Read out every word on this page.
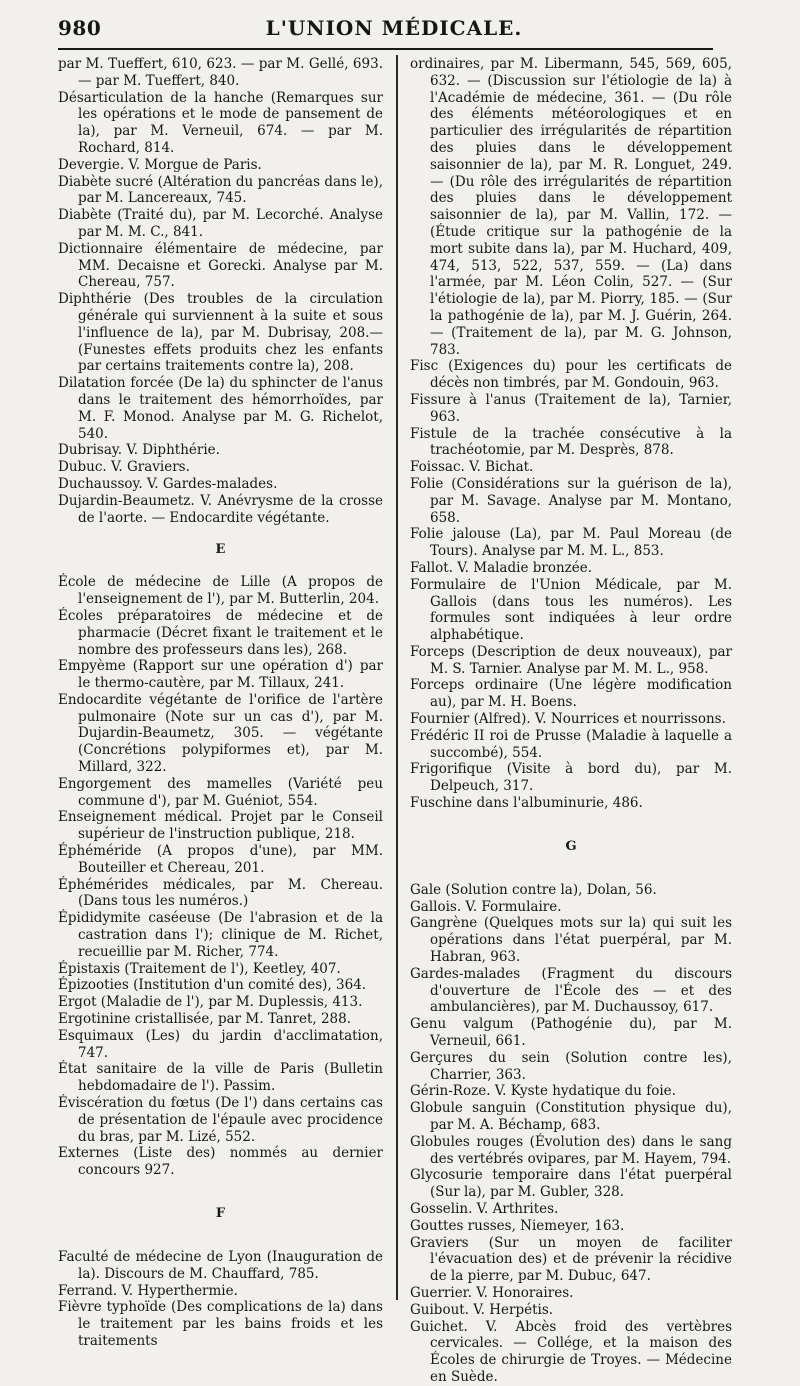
980	L'UNION MÉDICALE.
par M. Tueffert, 610, 623. — par M. Gellé, 693. — par M. Tueffert, 840.
Désarticulation de la hanche (Remarques sur les opérations et le mode de pansement de la), par M. Verneuil, 674. — par M. Rochard, 814.
Devergie. V. Morgue de Paris.
Diabète sucré (Altération du pancréas dans le), par M. Lancereaux, 745.
Diabète (Traité du), par M. Lecorché. Analyse par M. M. C., 841.
Dictionnaire élémentaire de médecine, par MM. Decaisne et Gorecki. Analyse par M. Chereau, 757.
Diphthérie (Des troubles de la circulation générale qui surviennent à la suite et sous l'influence de la), par M. Dubrisay, 208.— (Funestes effets produits chez les enfants par certains traitements contre la), 208.
Dilatation forcée (De la) du sphincter de l'anus dans le traitement des hémorrhoïdes, par M. F. Monod. Analyse par M. G. Richelot, 540.
Dubrisay. V. Diphthérie.
Dubuc. V. Graviers.
Duchaussoy. V. Gardes-malades.
Dujardin-Beaumetz. V. Anévrysme de la crosse de l'aorte. — Endocardite végétante.
E
École de médecine de Lille (A propos de l'enseignement de l'), par M. Butterlin, 204.
Écoles préparatoires de médecine et de pharmacie (Décret fixant le traitement et le nombre des professeurs dans les), 268.
Empyème (Rapport sur une opération d') par le thermo-cautère, par M. Tillaux, 241.
Endocardite végétante de l'orifice de l'artère pulmonaire (Note sur un cas d'), par M. Dujardin-Beaumetz, 305. — végétante (Concrétions polypiformes et), par M. Millard, 322.
Engorgement des mamelles (Variété peu commune d'), par M. Guéniot, 554.
Enseignement médical. Projet par le Conseil supérieur de l'instruction publique, 218.
Éphéméride (A propos d'une), par MM. Bouteiller et Chereau, 201.
Éphémérides médicales, par M. Chereau. (Dans tous les numéros.)
Épididymite caséeuse (De l'abrasion et de la castration dans l'); clinique de M. Richet, recueillie par M. Richer, 774.
Épistaxis (Traitement de l'), Keetley, 407.
Épizooties (Institution d'un comité des), 364.
Ergot (Maladie de l'), par M. Duplessis, 413.
Ergotinine cristallisée, par M. Tanret, 288.
Esquimaux (Les) du jardin d'acclimatation, 747.
État sanitaire de la ville de Paris (Bulletin hebdomadaire de l'). Passim.
Éviscération du fœtus (De l') dans certains cas de présentation de l'épaule avec procidence du bras, par M. Lizé, 552.
Externes (Liste des) nommés au dernier concours 927.
F
Faculté de médecine de Lyon (Inauguration de la). Discours de M. Chauffard, 785.
Ferrand. V. Hyperthermie.
Fièvre typhoïde (Des complications de la) dans le traitement par les bains froids et les traitements
ordinaires, par M. Libermann, 545, 569, 605, 632. — (Discussion sur l'étiologie de la) à l'Académie de médecine, 361. — (Du rôle des éléments météorologiques et en particulier des irrégularités de répartition des pluies dans le développement saisonnier de la), par M. R. Longuet, 249. — (Du rôle des irrégularités de répartition des pluies dans le développement saisonnier de la), par M. Vallin, 172. — (Étude critique sur la pathogénie de la mort subite dans la), par M. Huchard, 409, 474, 513, 522, 537, 559. — (La) dans l'armée, par M. Léon Colin, 527. — (Sur l'étiologie de la), par M. Piorry, 185. — (Sur la pathogénie de la), par M. J. Guérin, 264. — (Traitement de la), par M. G. Johnson, 783.
Fisc (Exigences du) pour les certificats de décès non timbrés, par M. Gondouin, 963.
Fissure à l'anus (Traitement de la), Tarnier, 963.
Fistule de la trachée consécutive à la trachéotomie, par M. Desprès, 878.
Foissac. V. Bichat.
Folie (Considérations sur la guérison de la), par M. Savage. Analyse par M. Montano, 658.
Folie jalouse (La), par M. Paul Moreau (de Tours). Analyse par M. M. L., 853.
Fallot. V. Maladie bronzée.
Formulaire de l'Union Médicale, par M. Gallois (dans tous les numéros). Les formules sont indiquées à leur ordre alphabétique.
Forceps (Description de deux nouveaux), par M. S. Tarnier. Analyse par M. M. L., 958.
Forceps ordinaire (Une légère modification au), par M. H. Boens.
Fournier (Alfred). V. Nourrices et nourrissons.
Frédéric II roi de Prusse (Maladie à laquelle a succombé), 554.
Frigorifique (Visite à bord du), par M. Delpeuch, 317.
Fuschine dans l'albuminurie, 486.
G
Gale (Solution contre la), Dolan, 56.
Gallois. V. Formulaire.
Gangrène (Quelques mots sur la) qui suit les opérations dans l'état puerpéral, par M. Habran, 963.
Gardes-malades (Fragment du discours d'ouverture de l'École des — et des ambulancières), par M. Duchaussoy, 617.
Genu valgum (Pathogénie du), par M. Verneuil, 661.
Gerçures du sein (Solution contre les), Charrier, 363.
Gérin-Roze. V. Kyste hydatique du foie.
Globule sanguin (Constitution physique du), par M. A. Béchamp, 683.
Globules rouges (Évolution des) dans le sang des vertébrés ovipares, par M. Hayem, 794.
Glycosurie temporaire dans l'état puerpéral (Sur la), par M. Gubler, 328.
Gosselin. V. Arthrites.
Gouttes russes, Niemeyer, 163.
Graviers (Sur un moyen de faciliter l'évacuation des) et de prévenir la récidive de la pierre, par M. Dubuc, 647.
Guerrier. V. Honoraires.
Guibout. V. Herpétis.
Guichet. V. Abcès froid des vertèbres cervicales. — Collége, et la maison des Écoles de chirurgie de Troyes. — Médecine en Suède.
